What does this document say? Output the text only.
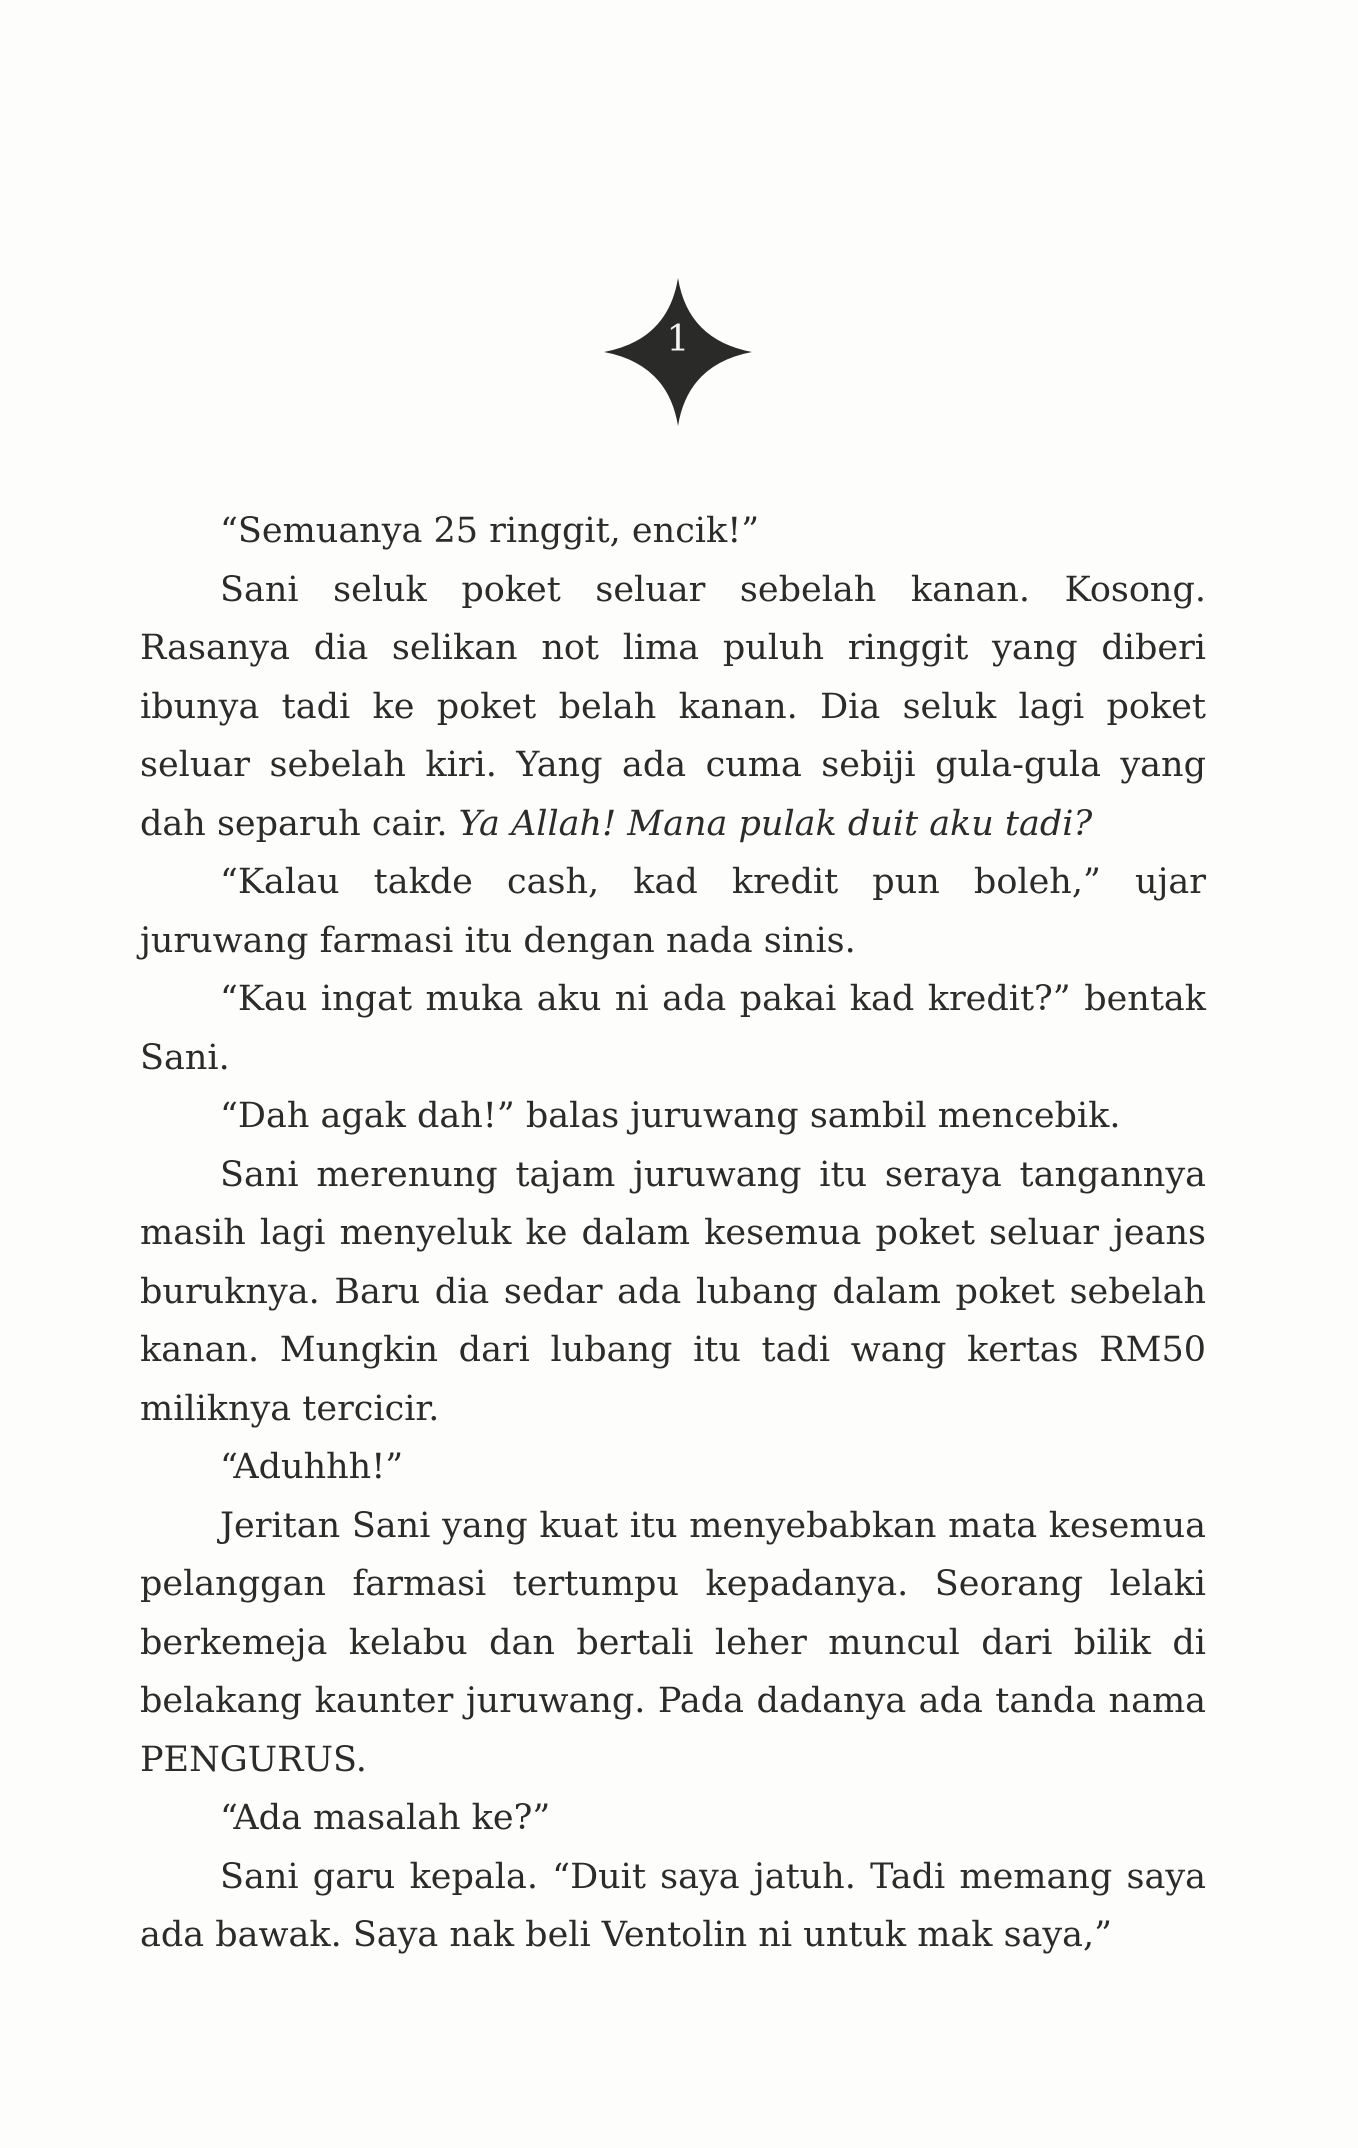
1

“Semuanya 25 ringgit, encik!”

Sani seluk poket seluar sebelah kanan. Kosong. Rasanya dia selikan not lima puluh ringgit yang diberi ibunya tadi ke poket belah kanan. Dia seluk lagi poket seluar sebelah kiri. Yang ada cuma sebiji gula-gula yang dah separuh cair. Ya Allah! Mana pulak duit aku tadi?

“Kalau takde cash, kad kredit pun boleh,” ujar juruwang farmasi itu dengan nada sinis.

“Kau ingat muka aku ni ada pakai kad kredit?” bentak Sani.

“Dah agak dah!” balas juruwang sambil mencebik.

Sani merenung tajam juruwang itu seraya tangannya masih lagi menyeluk ke dalam kesemua poket seluar jeans buruknya. Baru dia sedar ada lubang dalam poket sebelah kanan. Mungkin dari lubang itu tadi wang kertas RM50 miliknya tercicir.

“Aduhhh!”

Jeritan Sani yang kuat itu menyebabkan mata kesemua pelanggan farmasi tertumpu kepadanya. Seorang lelaki berkemeja kelabu dan bertali leher muncul dari bilik di belakang kaunter juruwang. Pada dadanya ada tanda nama PENGURUS.

“Ada masalah ke?”

Sani garu kepala. “Duit saya jatuh. Tadi memang saya ada bawak. Saya nak beli Ventolin ni untuk mak saya,”
